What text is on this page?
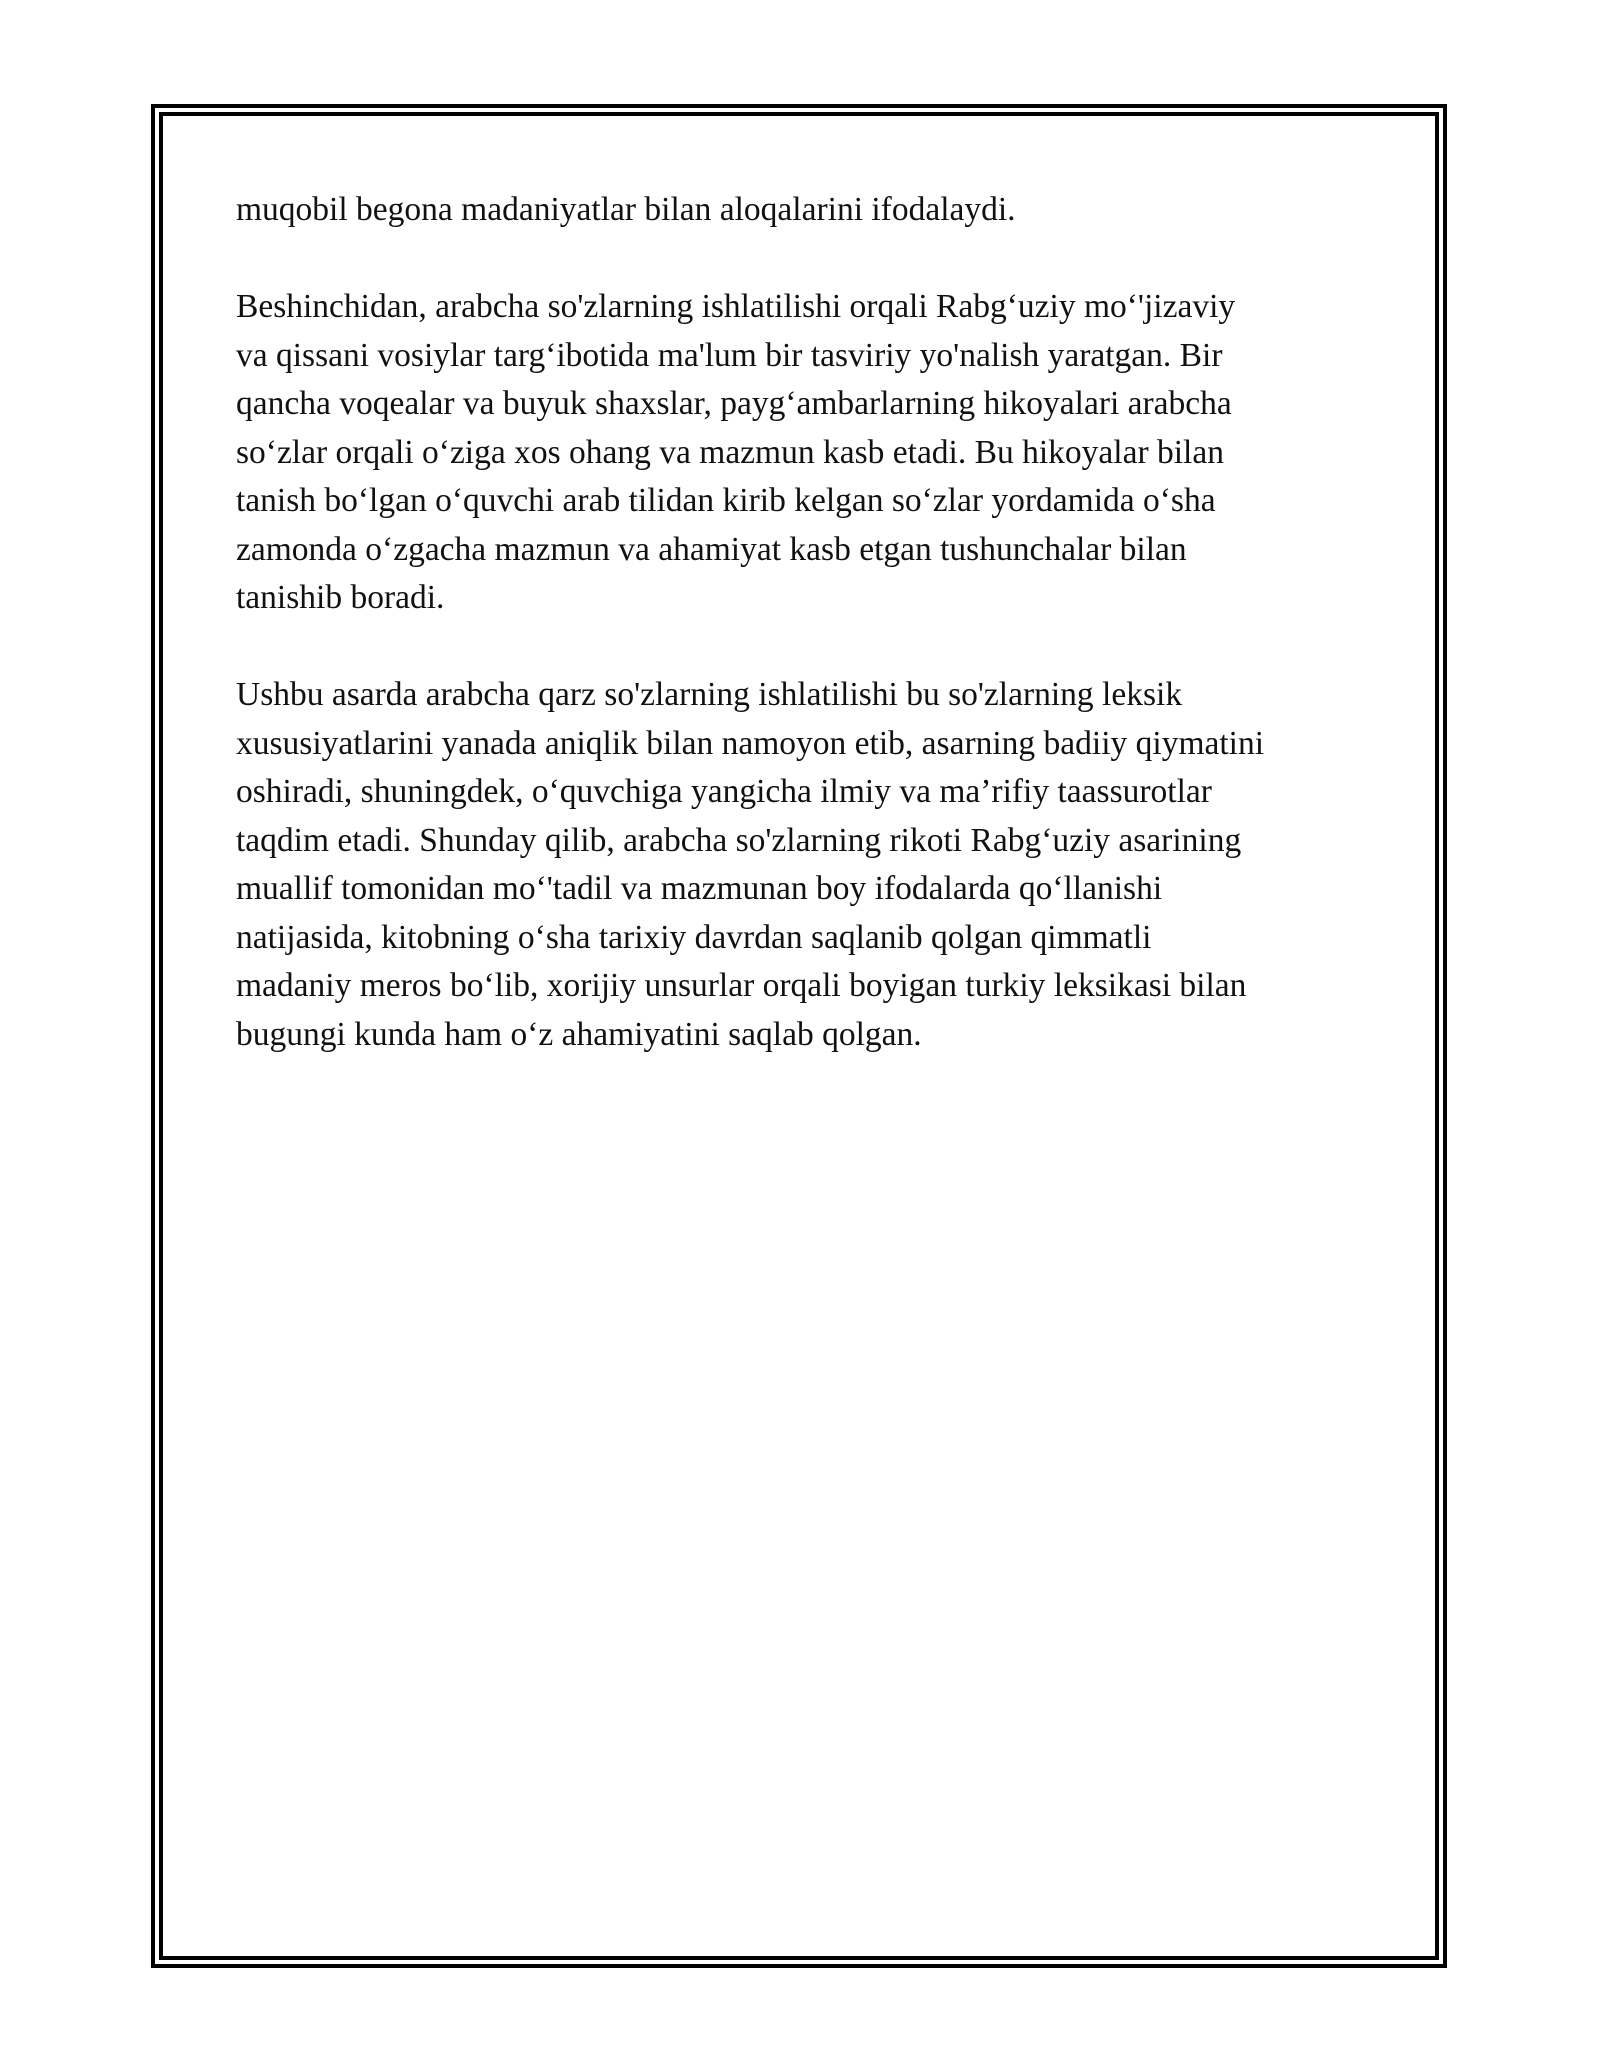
muqobil begona madaniyatlar bilan aloqalarini ifodalaydi.

Beshinchidan, arabcha so'zlarning ishlatilishi orqali Rabg‘uziy mo‘'jizaviy
va qissani vosiylar targ‘ibotida ma'lum bir tasviriy yo'nalish yaratgan. Bir
qancha voqealar va buyuk shaxslar, payg‘ambarlarning hikoyalari arabcha
so‘zlar orqali o‘ziga xos ohang va mazmun kasb etadi. Bu hikoyalar bilan
tanish bo‘lgan o‘quvchi arab tilidan kirib kelgan so‘zlar yordamida o‘sha
zamonda o‘zgacha mazmun va ahamiyat kasb etgan tushunchalar bilan
tanishib boradi.

Ushbu asarda arabcha qarz so'zlarning ishlatilishi bu so'zlarning leksik
xususiyatlarini yanada aniqlik bilan namoyon etib, asarning badiiy qiymatini
oshiradi, shuningdek, o‘quvchiga yangicha ilmiy va ma’rifiy taassurotlar
taqdim etadi. Shunday qilib, arabcha so'zlarning rikoti Rabg‘uziy asarining
muallif tomonidan mo‘'tadil va mazmunan boy ifodalarda qo‘llanishi
natijasida, kitobning o‘sha tarixiy davrdan saqlanib qolgan qimmatli
madaniy meros bo‘lib, xorijiy unsurlar orqali boyigan turkiy leksikasi bilan
bugungi kunda ham o‘z ahamiyatini saqlab qolgan.
